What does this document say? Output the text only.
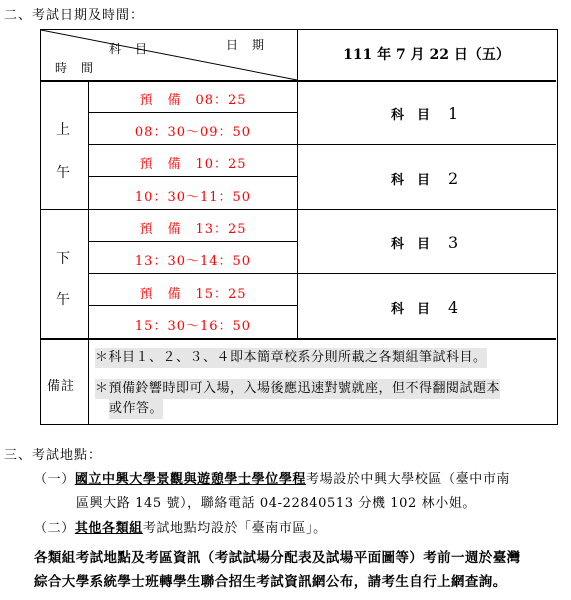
二、考試日期及時間：
科　目	日　期
時　間
111 年 7 月 22 日（五）
上
午
下
午
預　備　08：25
08：30～09：50
預　備　10：25
10：30～11：50
預　備　13：25
13：30～14：50
預　備　15：25
15：30～16：50
科　目 1
科　目 2
科　目 3
科　目 4
備註
＊科目１、２、３、４即本簡章校系分則所載之各類組筆試科目。
＊預備鈴響時即可入場，入場後應迅速對號就座，但不得翻閱試題本
或作答。
三、考試地點：
（一）國立中興大學景觀與遊憩學士學位學程考場設於中興大學校區（臺中市南
區興大路 145 號），聯絡電話 04-22840513 分機 102 林小姐。
（二）其他各類組考試地點均設於「臺南市區」。
各類組考試地點及考區資訊（考試試場分配表及試場平面圖等）考前一週於臺灣
綜合大學系統學士班轉學生聯合招生考試資訊網公布，請考生自行上網查詢。
